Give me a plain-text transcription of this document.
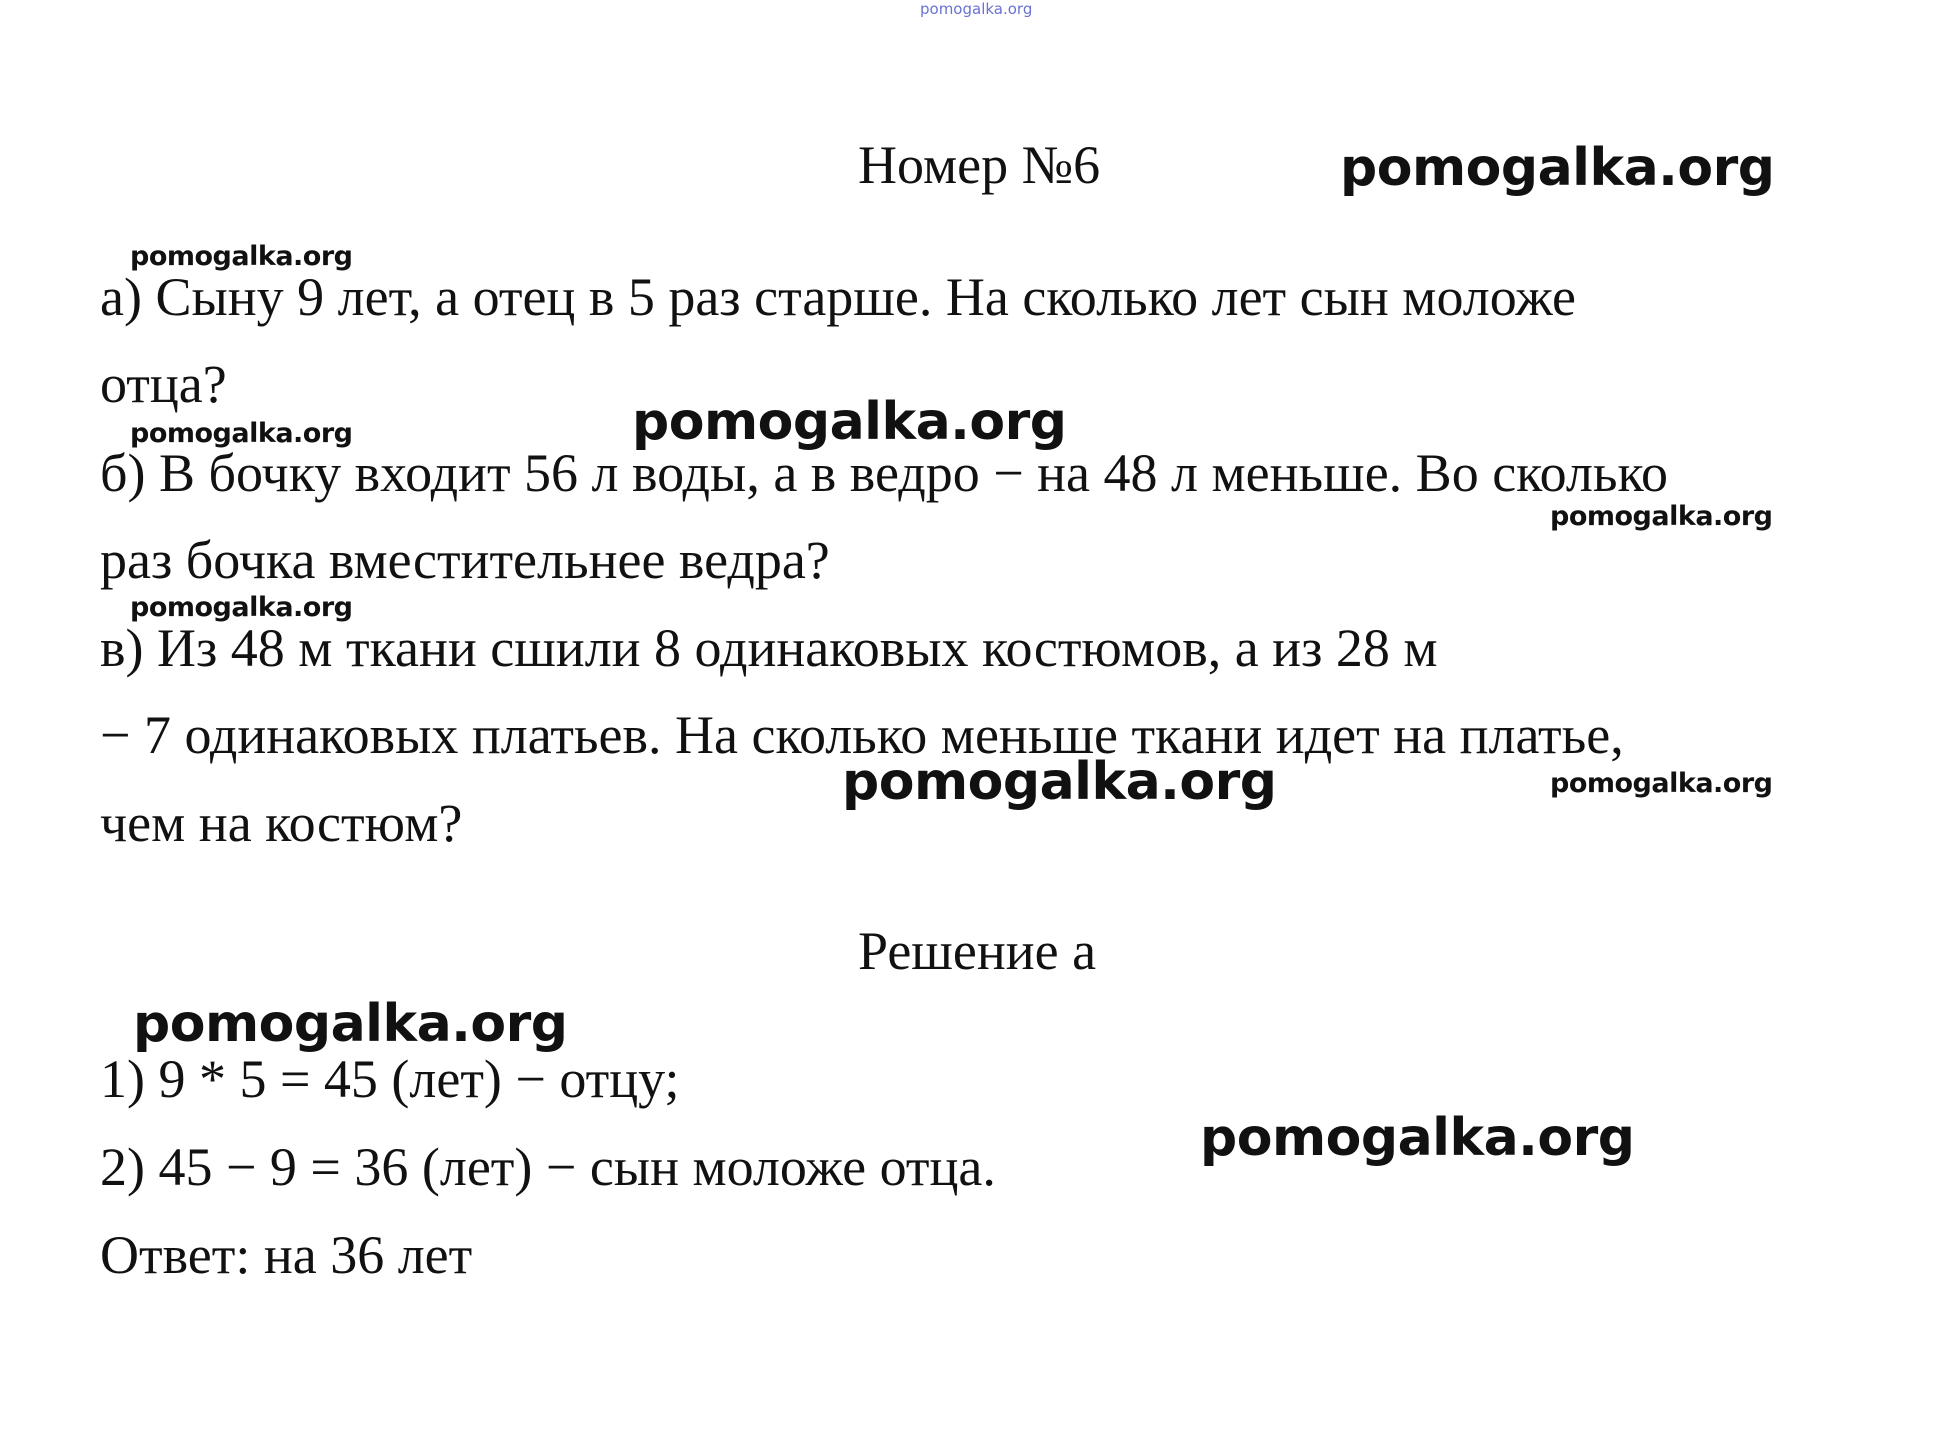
pomogalka.org
Номер №6	pomogalka.org
pomogalka.org
а) Сыну 9 лет, а отец в 5 раз старше. На сколько лет сын моложе
отца?
pomogalka.org
pomogalka.org
б) В бочку входит 56 л воды, а в ведро − на 48 л меньше. Во сколько
pomogalka.org
раз бочка вместительнее ведра?
pomogalka.org
в) Из 48 м ткани сшили 8 одинаковых костюмов, а из 28 м
− 7 одинаковых платьев. На сколько меньше ткани идет на платье,
pomogalka.org	pomogalka.org
чем на костюм?
Решение а
pomogalka.org
1) 9 * 5 = 45 (лет) − отцу;
pomogalka.org
2) 45 − 9 = 36 (лет) − сын моложе отца.
Ответ: на 36 лет
